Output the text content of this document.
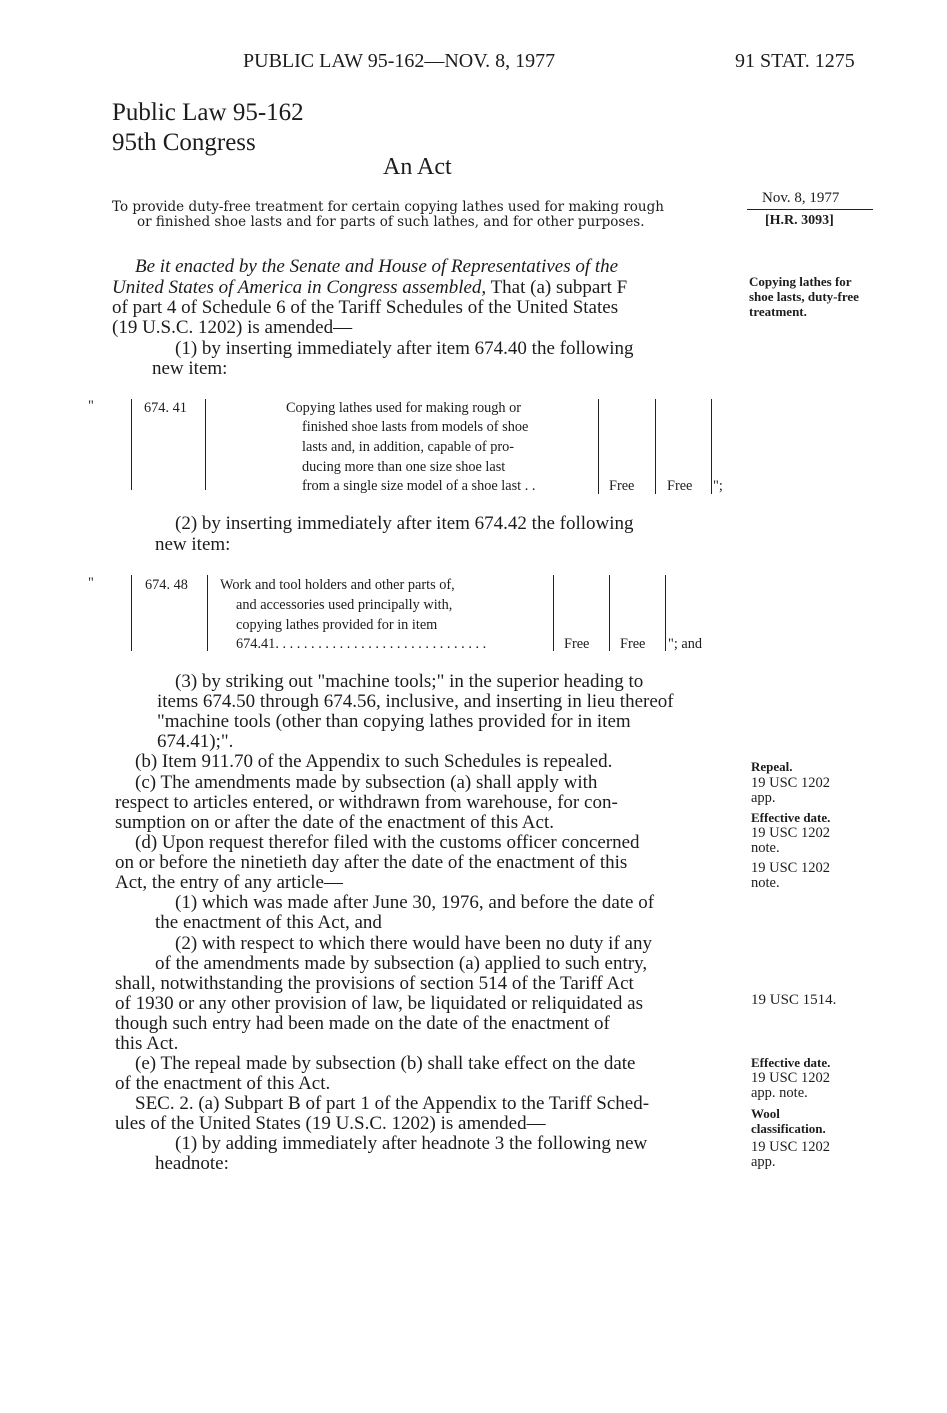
PUBLIC LAW 95-162—NOV. 8, 1977	91 STAT. 1275
Public Law 95-162
95th Congress
An Act
To provide duty-free treatment for certain copying lathes used for making rough
or finished shoe lasts and for parts of such lathes, and for other purposes.
Nov. 8, 1977
[H.R. 3093]
Copying lathes for shoe lasts, duty-free treatment.
Repeal.
19 USC 1202 app.
Effective date.
19 USC 1202 note.
19 USC 1202 note.
19 USC 1514.
Effective date.
19 USC 1202 app. note.
Wool classification.
19 USC 1202 app.
Be it enacted by the Senate and House of Representatives of the
United States of America in Congress assembled, That (a) subpart F
of part 4 of Schedule 6 of the Tariff Schedules of the United States
(19 U.S.C. 1202) is amended—
(1) by inserting immediately after item 674.40 the following
new item:
"	674. 41	Copying lathes used for making rough or
finished shoe lasts from models of shoe
lasts and, in addition, capable of pro-
ducing more than one size shoe last
from a single size model of a shoe last . .	Free Free ";
(2) by inserting immediately after item 674.42 the following
new item:
"	674. 48 Work and tool holders and other parts of,
and accessories used principally with,
copying lathes provided for in item
674.41. . . . . . . . . . . . . . . . . . . . . . . . . . . . . .	Free Free "; and
(3) by striking out "machine tools;" in the superior heading to
items 674.50 through 674.56, inclusive, and inserting in lieu thereof
"machine tools (other than copying lathes provided for in item
674.41);".
(b) Item 911.70 of the Appendix to such Schedules is repealed.
(c) The amendments made by subsection (a) shall apply with
respect to articles entered, or withdrawn from warehouse, for con-
sumption on or after the date of the enactment of this Act.
(d) Upon request therefor filed with the customs officer concerned
on or before the ninetieth day after the date of the enactment of this
Act, the entry of any article—
(1) which was made after June 30, 1976, and before the date of
the enactment of this Act, and
(2) with respect to which there would have been no duty if any
of the amendments made by subsection (a) applied to such entry,
shall, notwithstanding the provisions of section 514 of the Tariff Act
of 1930 or any other provision of law, be liquidated or reliquidated as
though such entry had been made on the date of the enactment of
this Act.
(e) The repeal made by subsection (b) shall take effect on the date
of the enactment of this Act.
SEC. 2. (a) Subpart B of part 1 of the Appendix to the Tariff Sched-
ules of the United States (19 U.S.C. 1202) is amended—
(1) by adding immediately after headnote 3 the following new
headnote:
